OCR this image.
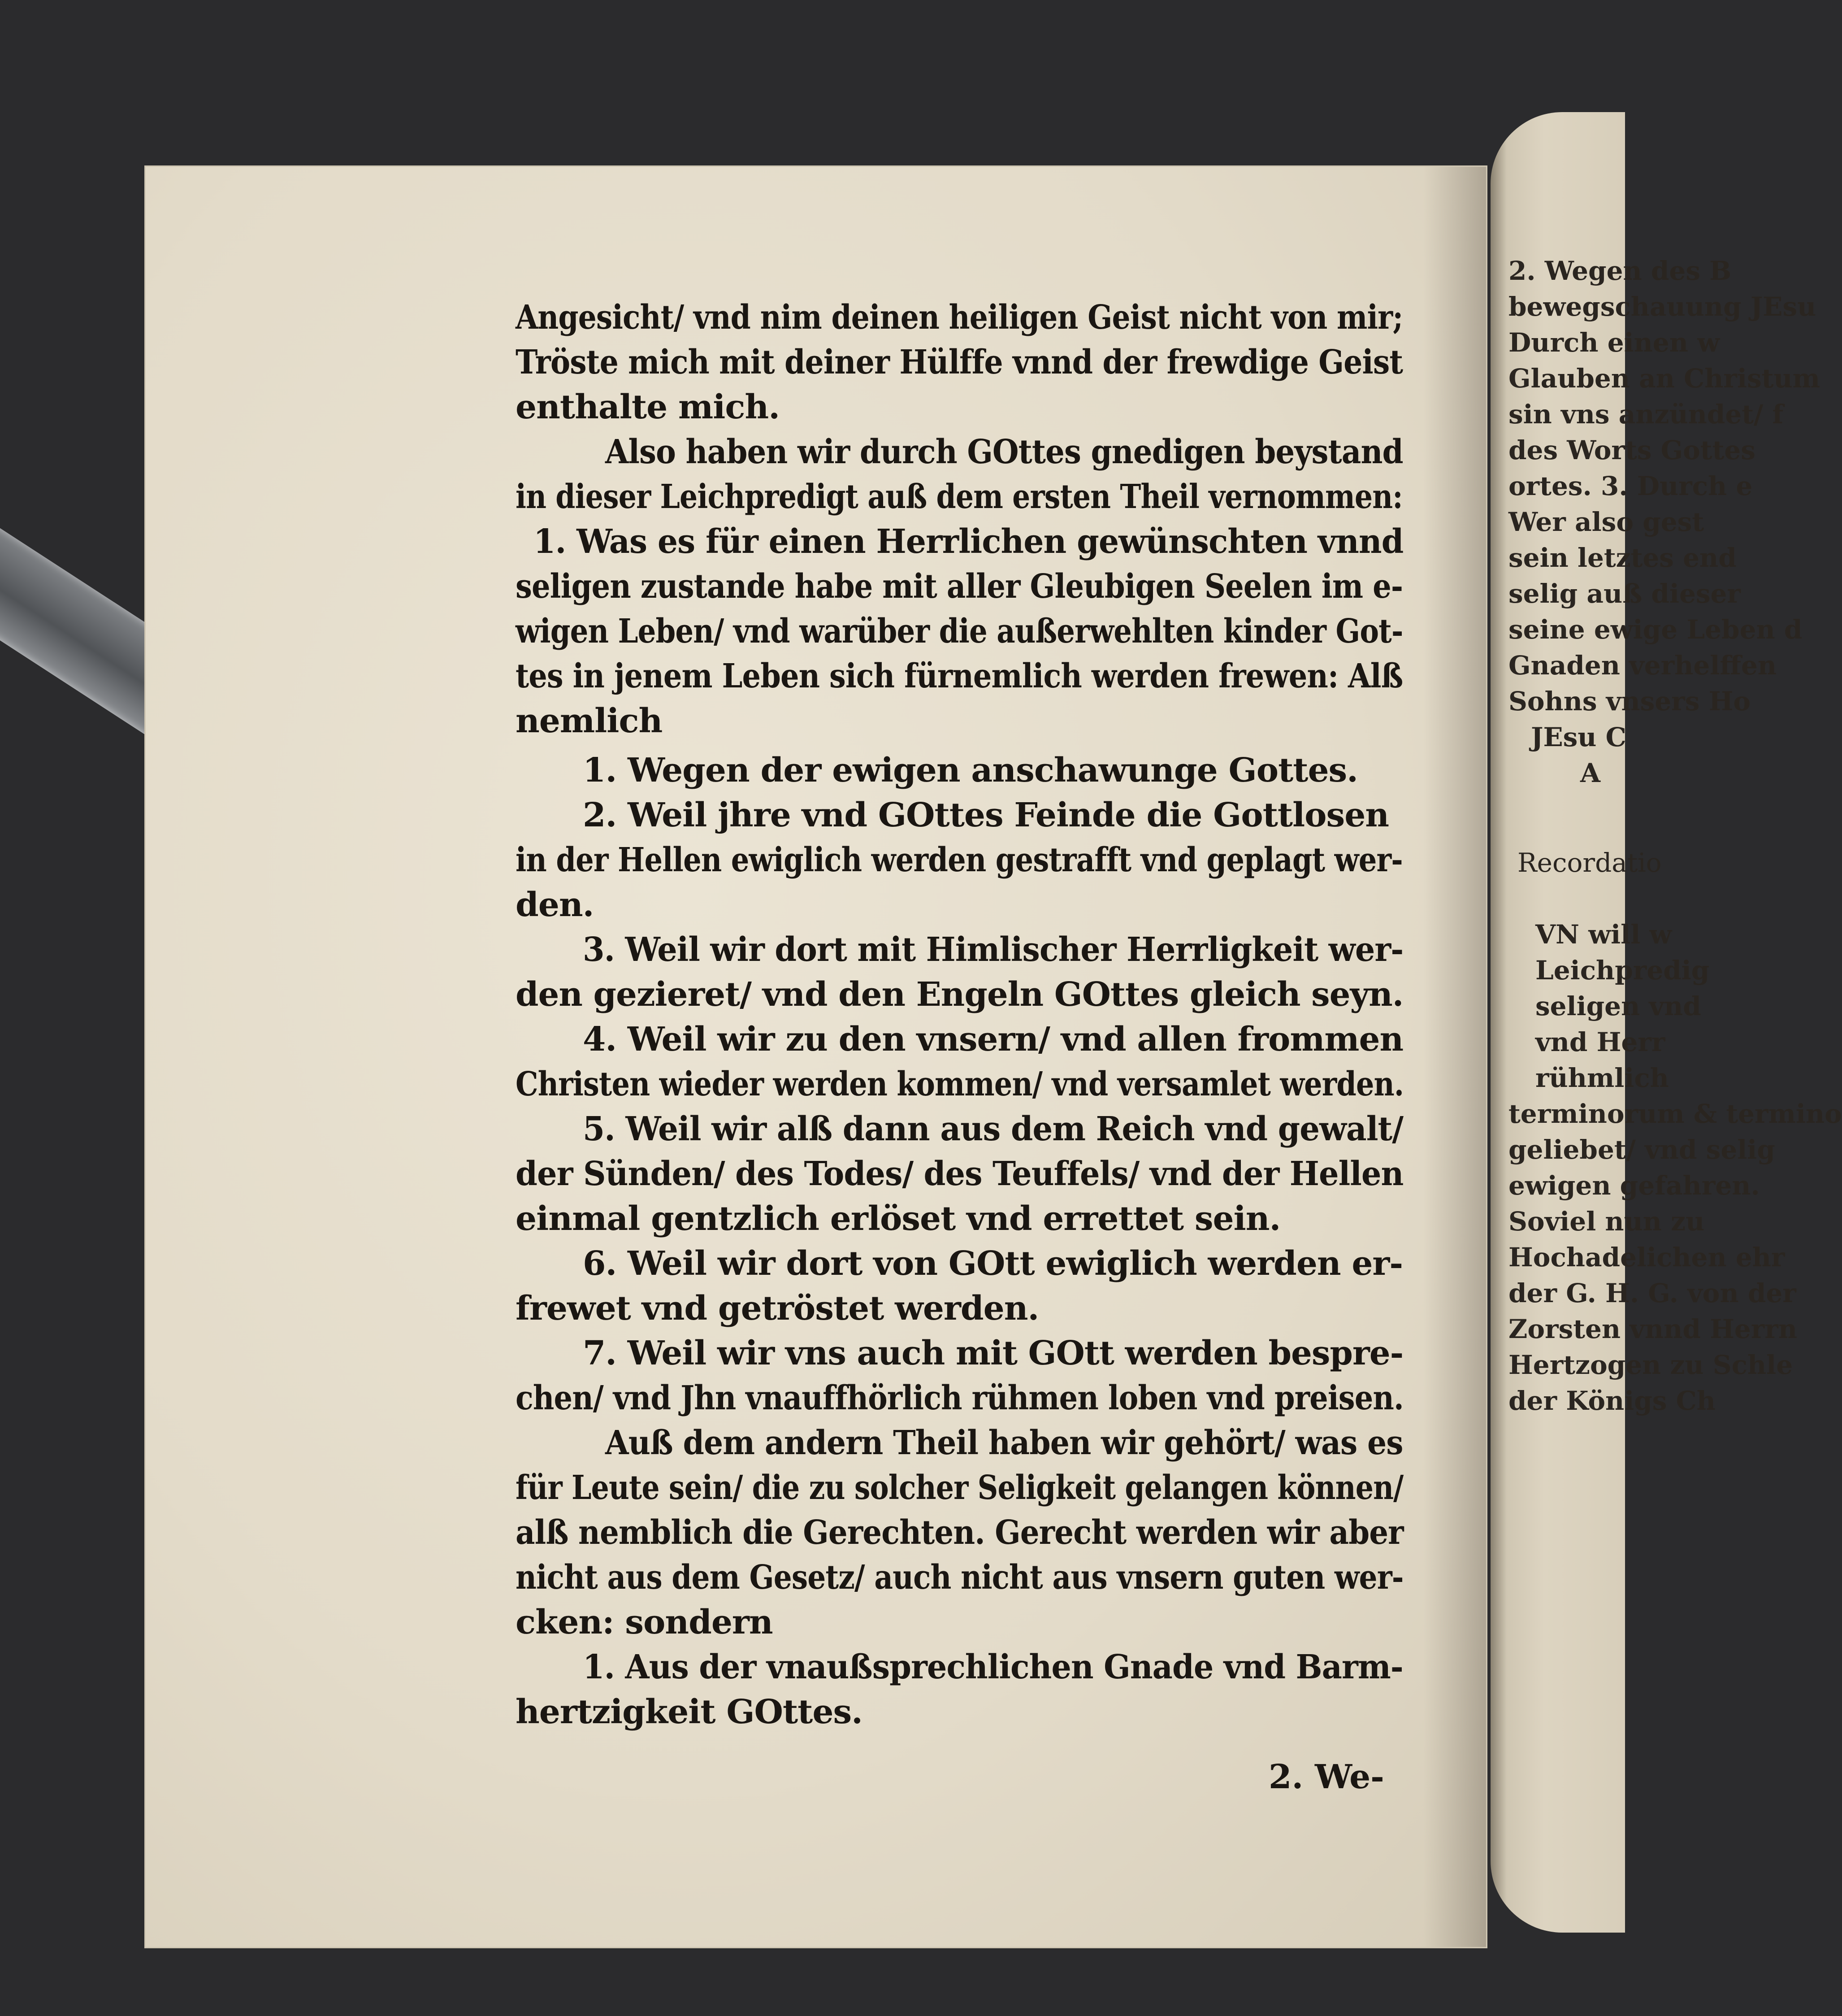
2. Wegen des B
bewegschauung JEsu
Durch einen w
Glauben an Christum
sin vns anzündet/ f
des Worts Gottes
ortes. 3. Durch e
Wer also gest
sein letztes end
selig auß dieser
seine ewige Leben d
Gnaden verhelffen
Sohns vnsers Ho
JEsu C
A
Recordatio
VN will w
Leichpredig
seligen vnd
vnd Herr
rühmlich
terminorum & termino
geliebet/ vnd selig
ewigen gefahren.
Soviel nun zu
Hochadelichen ehr
der G. H. G. von der
Zorsten vnnd Herrn
Hertzogen zu Schle
der Königs Ch
Angesicht/ vnd nim deinen heiligen Geist nicht von mir;
Tröste mich mit deiner Hülffe vnnd der frewdige Geist
enthalte mich.
Also haben wir durch GOttes gnedigen beystand
in dieser Leichpredigt auß dem ersten Theil vernommen:
1. Was es für einen Herrlichen gewünschten vnnd
seligen zustande habe mit aller Gleubigen Seelen im e-
wigen Leben/ vnd warüber die außerwehlten kinder Got-
tes in jenem Leben sich fürnemlich werden frewen: Alß
nemlich
1. Wegen der ewigen anschawunge Gottes.
2. Weil jhre vnd GOttes Feinde die Gottlosen
in der Hellen ewiglich werden gestrafft vnd geplagt wer-
den.
3. Weil wir dort mit Himlischer Herrligkeit wer-
den gezieret/ vnd den Engeln GOttes gleich seyn.
4. Weil wir zu den vnsern/ vnd allen frommen
Christen wieder werden kommen/ vnd versamlet werden.
5. Weil wir alß dann aus dem Reich vnd gewalt/
der Sünden/ des Todes/ des Teuffels/ vnd der Hellen
einmal gentzlich erlöset vnd errettet sein.
6. Weil wir dort von GOtt ewiglich werden er-
frewet vnd getröstet werden.
7. Weil wir vns auch mit GOtt werden bespre-
chen/ vnd Jhn vnauffhörlich rühmen loben vnd preisen.
Auß dem andern Theil haben wir gehört/ was es
für Leute sein/ die zu solcher Seligkeit gelangen können/
alß nemblich die Gerechten. Gerecht werden wir aber
nicht aus dem Gesetz/ auch nicht aus vnsern guten wer-
cken: sondern
1. Aus der vnaußsprechlichen Gnade vnd Barm-
hertzigkeit GOttes.
2. We-
